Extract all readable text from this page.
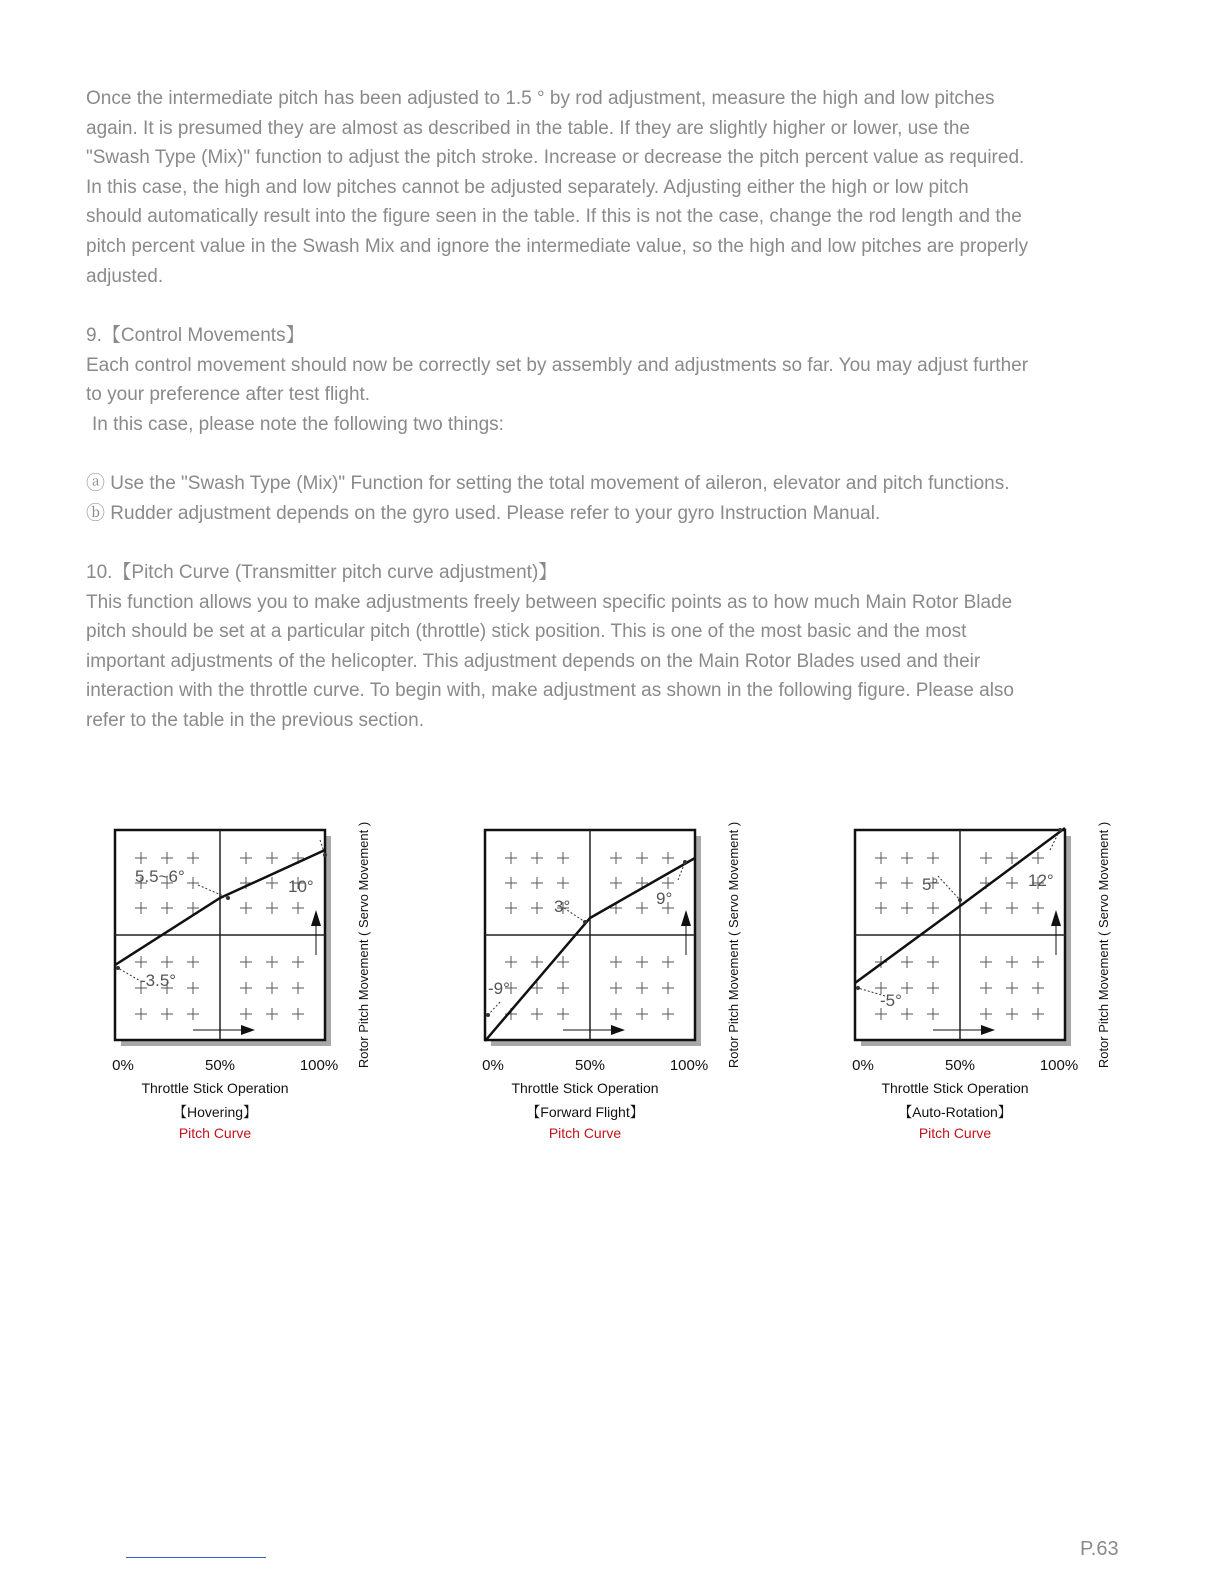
Once the intermediate pitch has been adjusted to 1.5 ° by rod adjustment, measure the high and low pitches
again. It is presumed they are almost as described in the table. If they are slightly higher or lower, use the
"Swash Type (Mix)" function to adjust the pitch stroke. Increase or decrease the pitch percent value as required.
In this case, the high and low pitches cannot be adjusted separately. Adjusting either the high or low pitch
should automatically result into the figure seen in the table. If this is not the case, change the rod length and the
pitch percent value in the Swash Mix and ignore the intermediate value, so the high and low pitches are properly
adjusted.

9.【Control Movements】
Each control movement should now be correctly set by assembly and adjustments so far. You may adjust further
to your preference after test flight.
In this case, please note the following two things:
ⓐ Use the "Swash Type (Mix)" Function for setting the total movement of aileron, elevator and pitch functions.
ⓑ Rudder adjustment depends on the gyro used. Please refer to your gyro Instruction Manual.
10.【Pitch Curve (Transmitter pitch curve adjustment)】
This function allows you to make adjustments freely between specific points as to how much Main Rotor Blade
pitch should be set at a particular pitch (throttle) stick position. This is one of the most basic and the most
important adjustments of the helicopter. This adjustment depends on the Main Rotor Blades used and their
interaction with the throttle curve. To begin with, make adjustment as shown in the following figure. Please also
refer to the table in the previous section.
5.5~6°
10°
-3.5°
0%	50%	100% Rotor Pitch Movement ( Servo Movement )
Throttle Stick Operation
【Hovering】
Pitch Curve
3°	9°
-9°
0%	50%	100% Rotor Pitch Movement ( Servo Movement )
Throttle Stick Operation
【Forward Flight】
Pitch Curve
5°	12°
-5°
0%	50%	100% Rotor Pitch Movement ( Servo Movement )
Throttle Stick Operation
【Auto-Rotation】
Pitch Curve
P.63
